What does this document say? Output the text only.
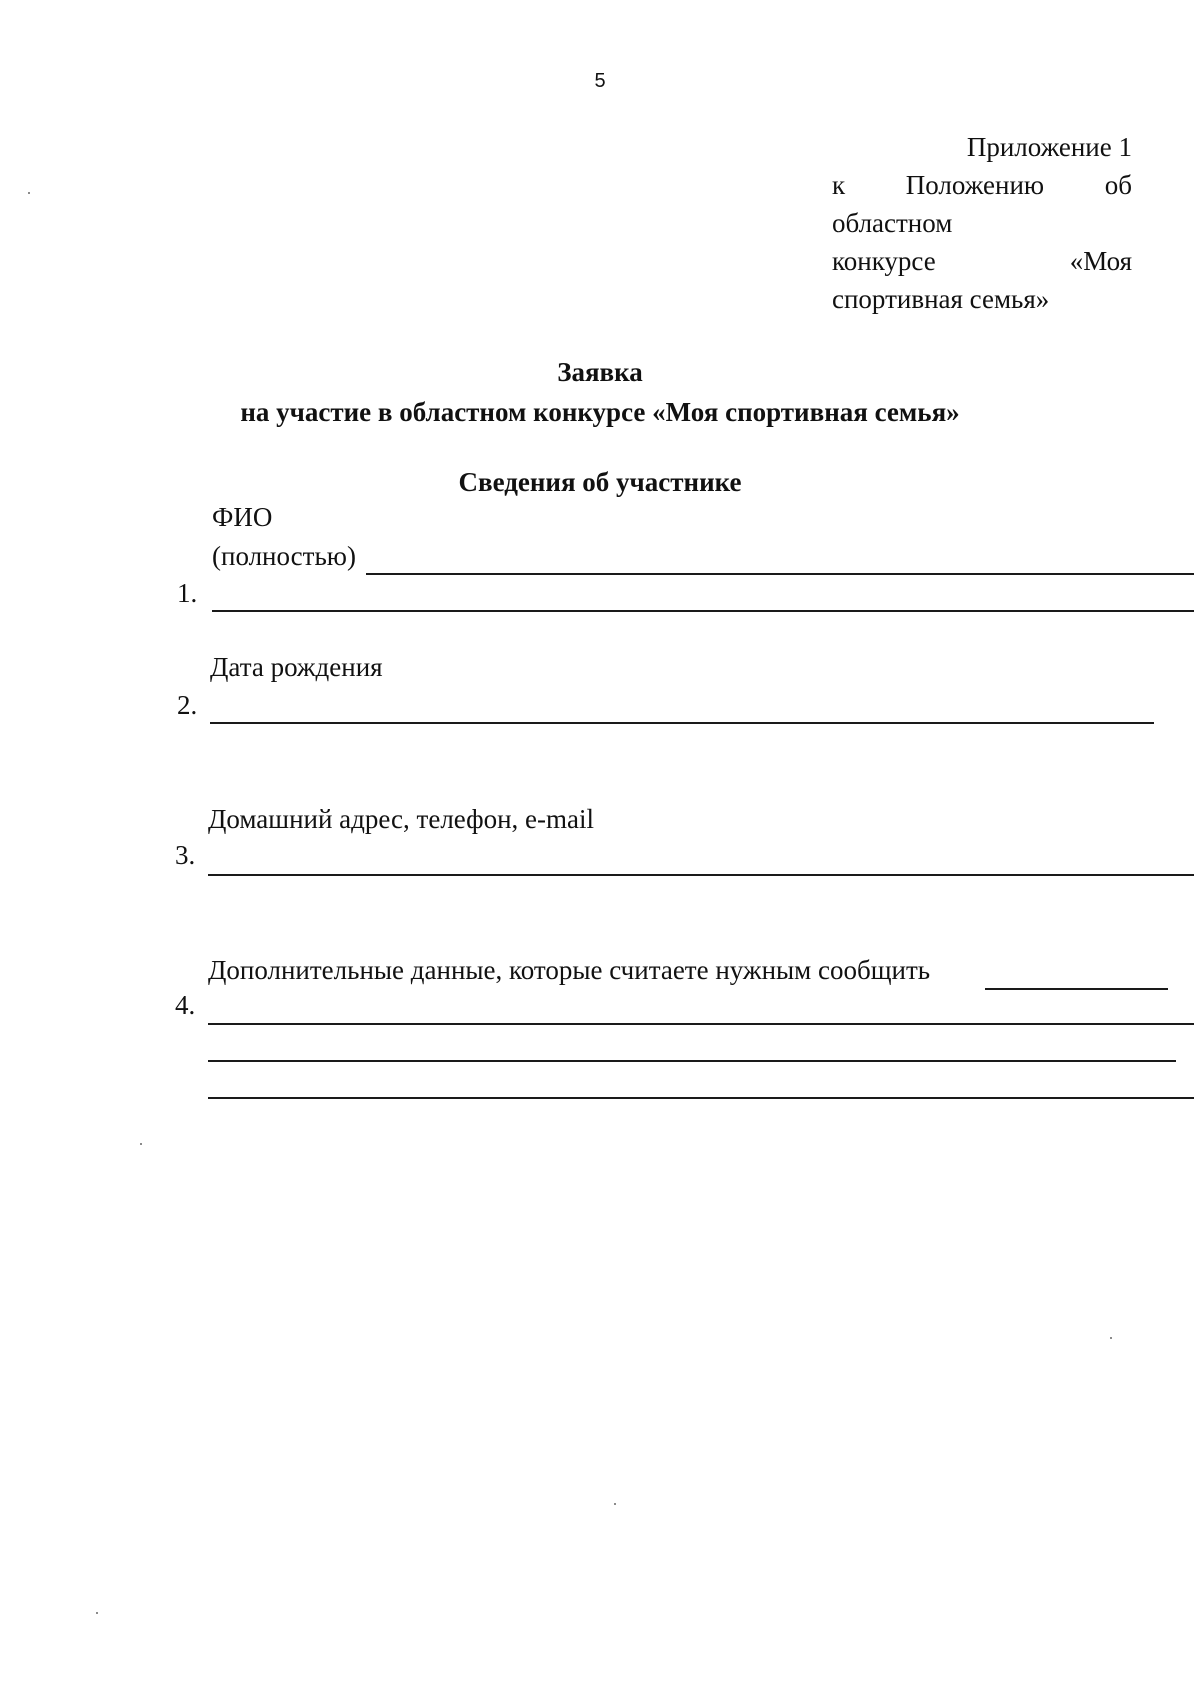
5
Приложение 1
к Положению об
областном
конкурсе	«Моя
спортивная семья»
Заявка
на участие в областном конкурсе «Моя спортивная семья»
Сведения об участнике
ФИО
(полностью)
1.
Дата рождения
2.
Домашний адрес, телефон, e-mail
3.
Дополнительные данные, которые считаете нужным сообщить
4.
